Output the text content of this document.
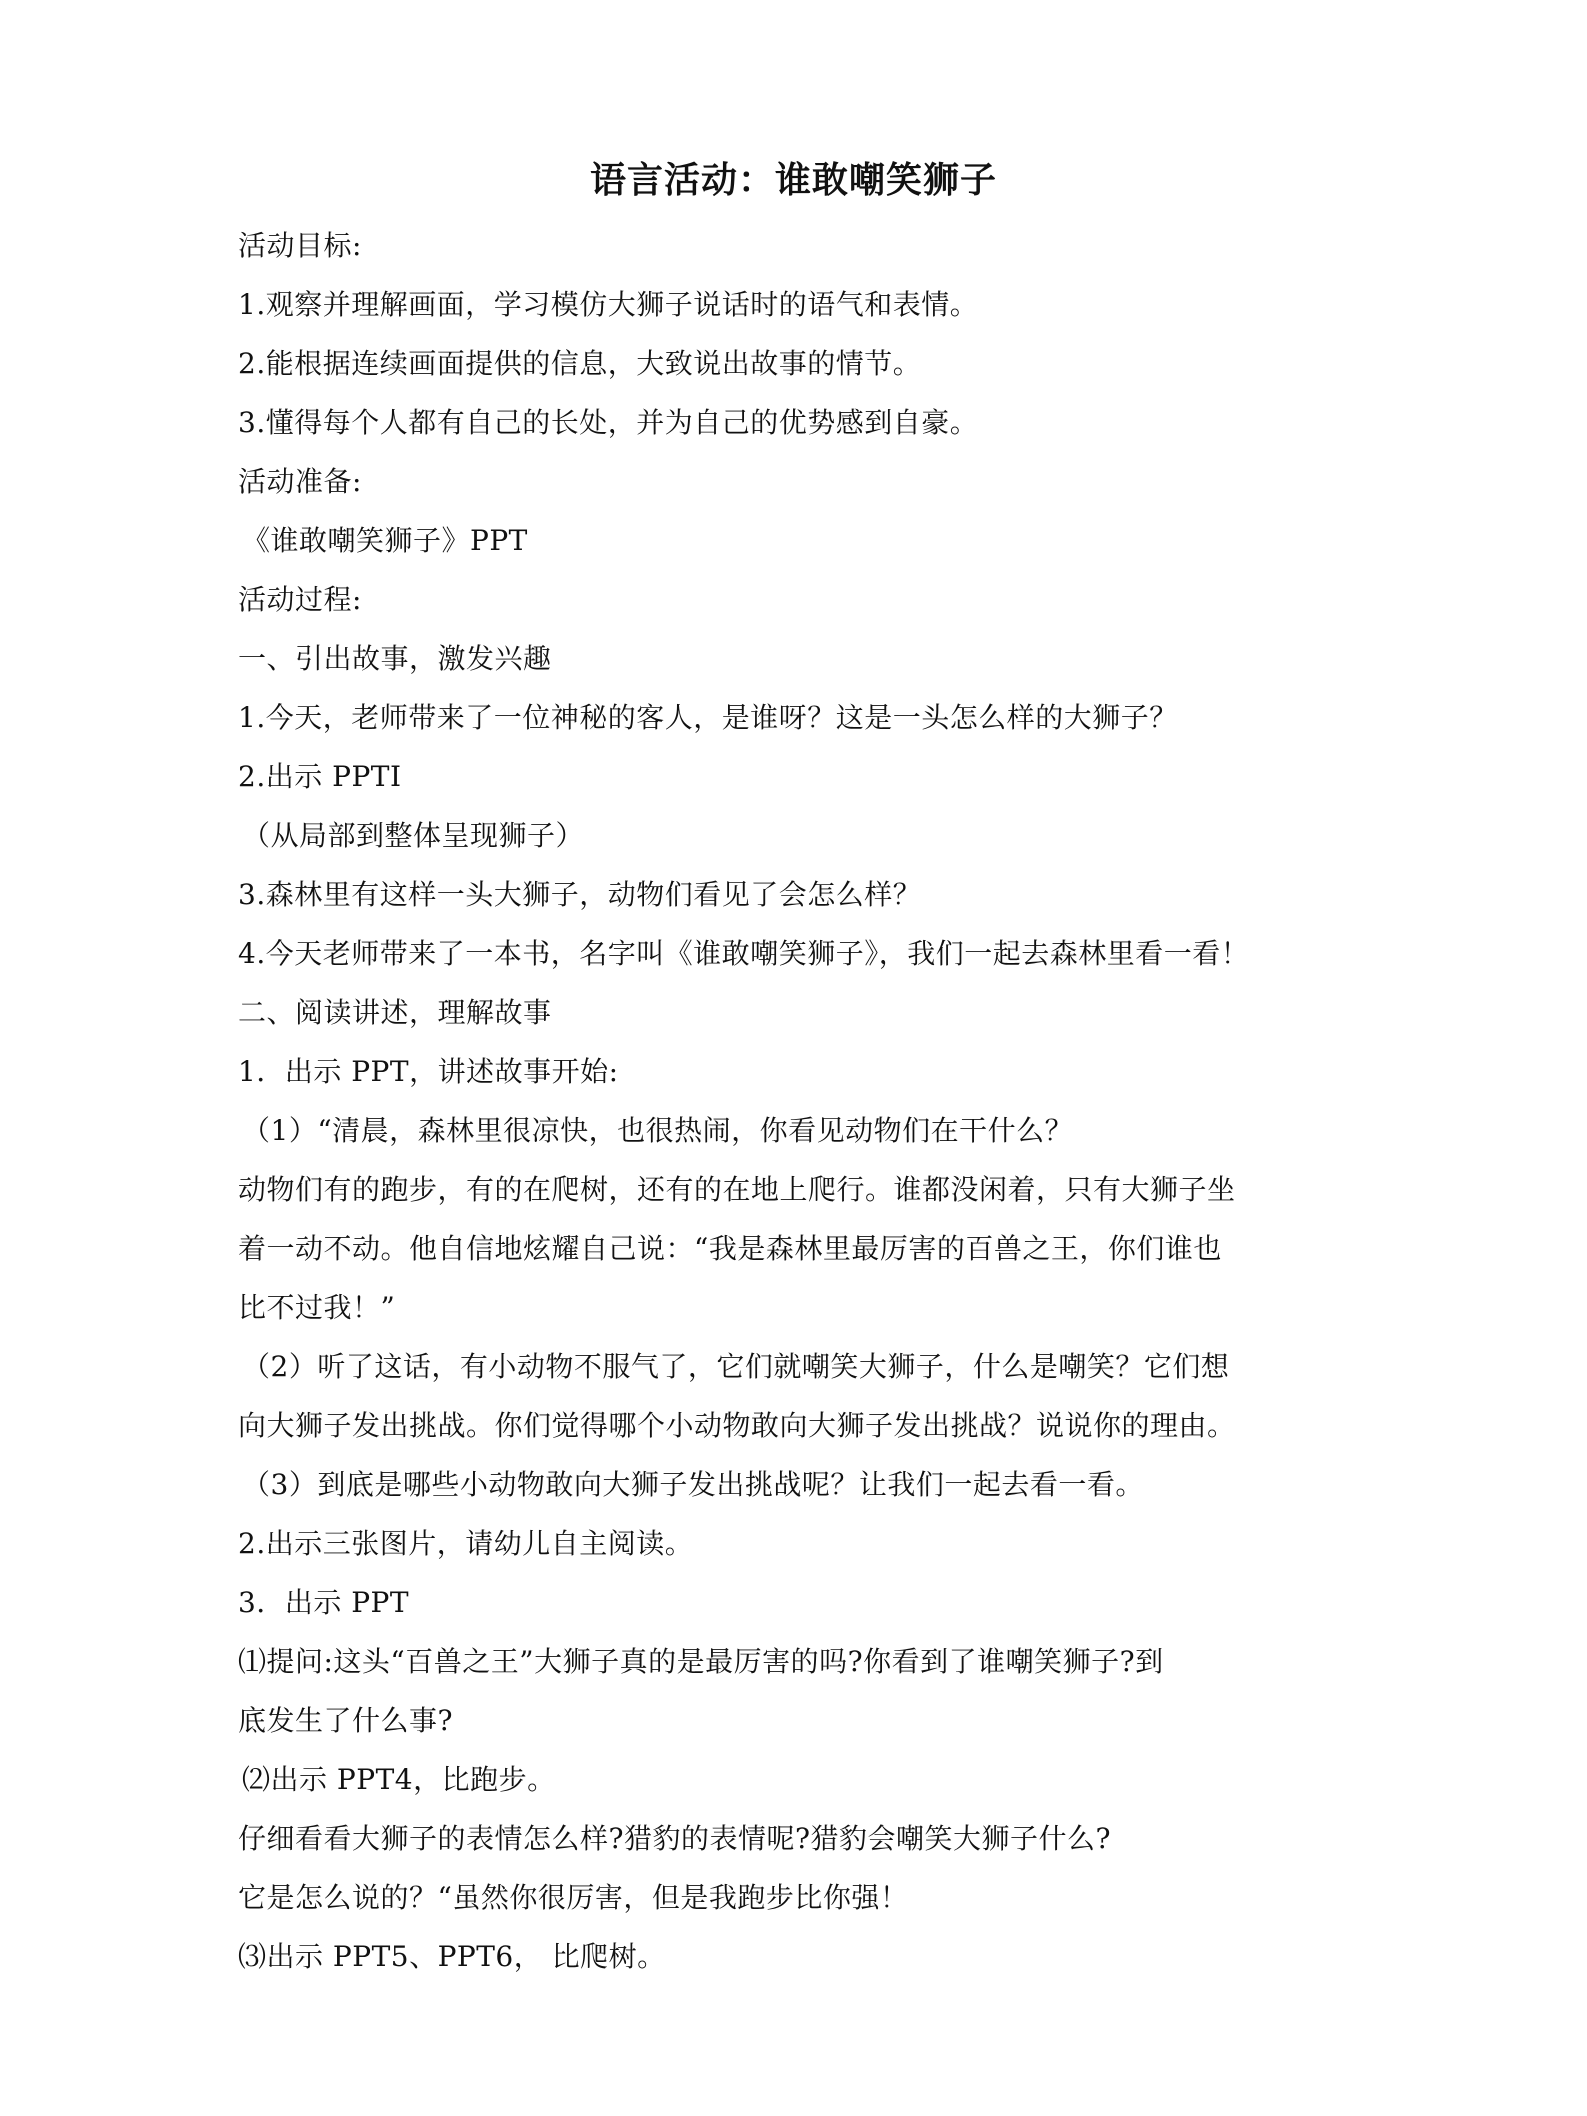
语言活动：谁敢嘲笑狮子
活动目标:
1.观察并理解画面，学习模仿大狮子说话时的语气和表情。
2.能根据连续画面提供的信息，大致说出故事的情节。
3.懂得每个人都有自己的长处，并为自己的优势感到自豪。
活动准备:
《谁敢嘲笑狮子》PPT
活动过程:
一、引出故事，激发兴趣
1.今天，老师带来了一位神秘的客人，是谁呀？这是一头怎么样的大狮子？
2.出示 PPTI
（从局部到整体呈现狮子）
3.森林里有这样一头大狮子，动物们看见了会怎么样？
4.今天老师带来了一本书，名字叫《谁敢嘲笑狮子》，我们一起去森林里看一看！
二、阅读讲述，理解故事
1．出示 PPT，讲述故事开始:
（1）“清晨，森林里很凉快，也很热闹，你看见动物们在干什么？
动物们有的跑步，有的在爬树，还有的在地上爬行。谁都没闲着，只有大狮子坐
着一动不动。他自信地炫耀自己说：“我是森林里最厉害的百兽之王，你们谁也
比不过我！”
（2）听了这话，有小动物不服气了，它们就嘲笑大狮子，什么是嘲笑？它们想
向大狮子发出挑战。你们觉得哪个小动物敢向大狮子发出挑战？说说你的理由。
（3）到底是哪些小动物敢向大狮子发出挑战呢？让我们一起去看一看。
2.出示三张图片，请幼儿自主阅读。
3．出示 PPT
⑴提问:这头“百兽之王”大狮子真的是最厉害的吗?你看到了谁嘲笑狮子?到
底发生了什么事?
⑵出示 PPT4，比跑步。
仔细看看大狮子的表情怎么样?猎豹的表情呢?猎豹会嘲笑大狮子什么?
它是怎么说的？“虽然你很厉害，但是我跑步比你强！
⑶出示 PPT5、PPT6， 比爬树。
